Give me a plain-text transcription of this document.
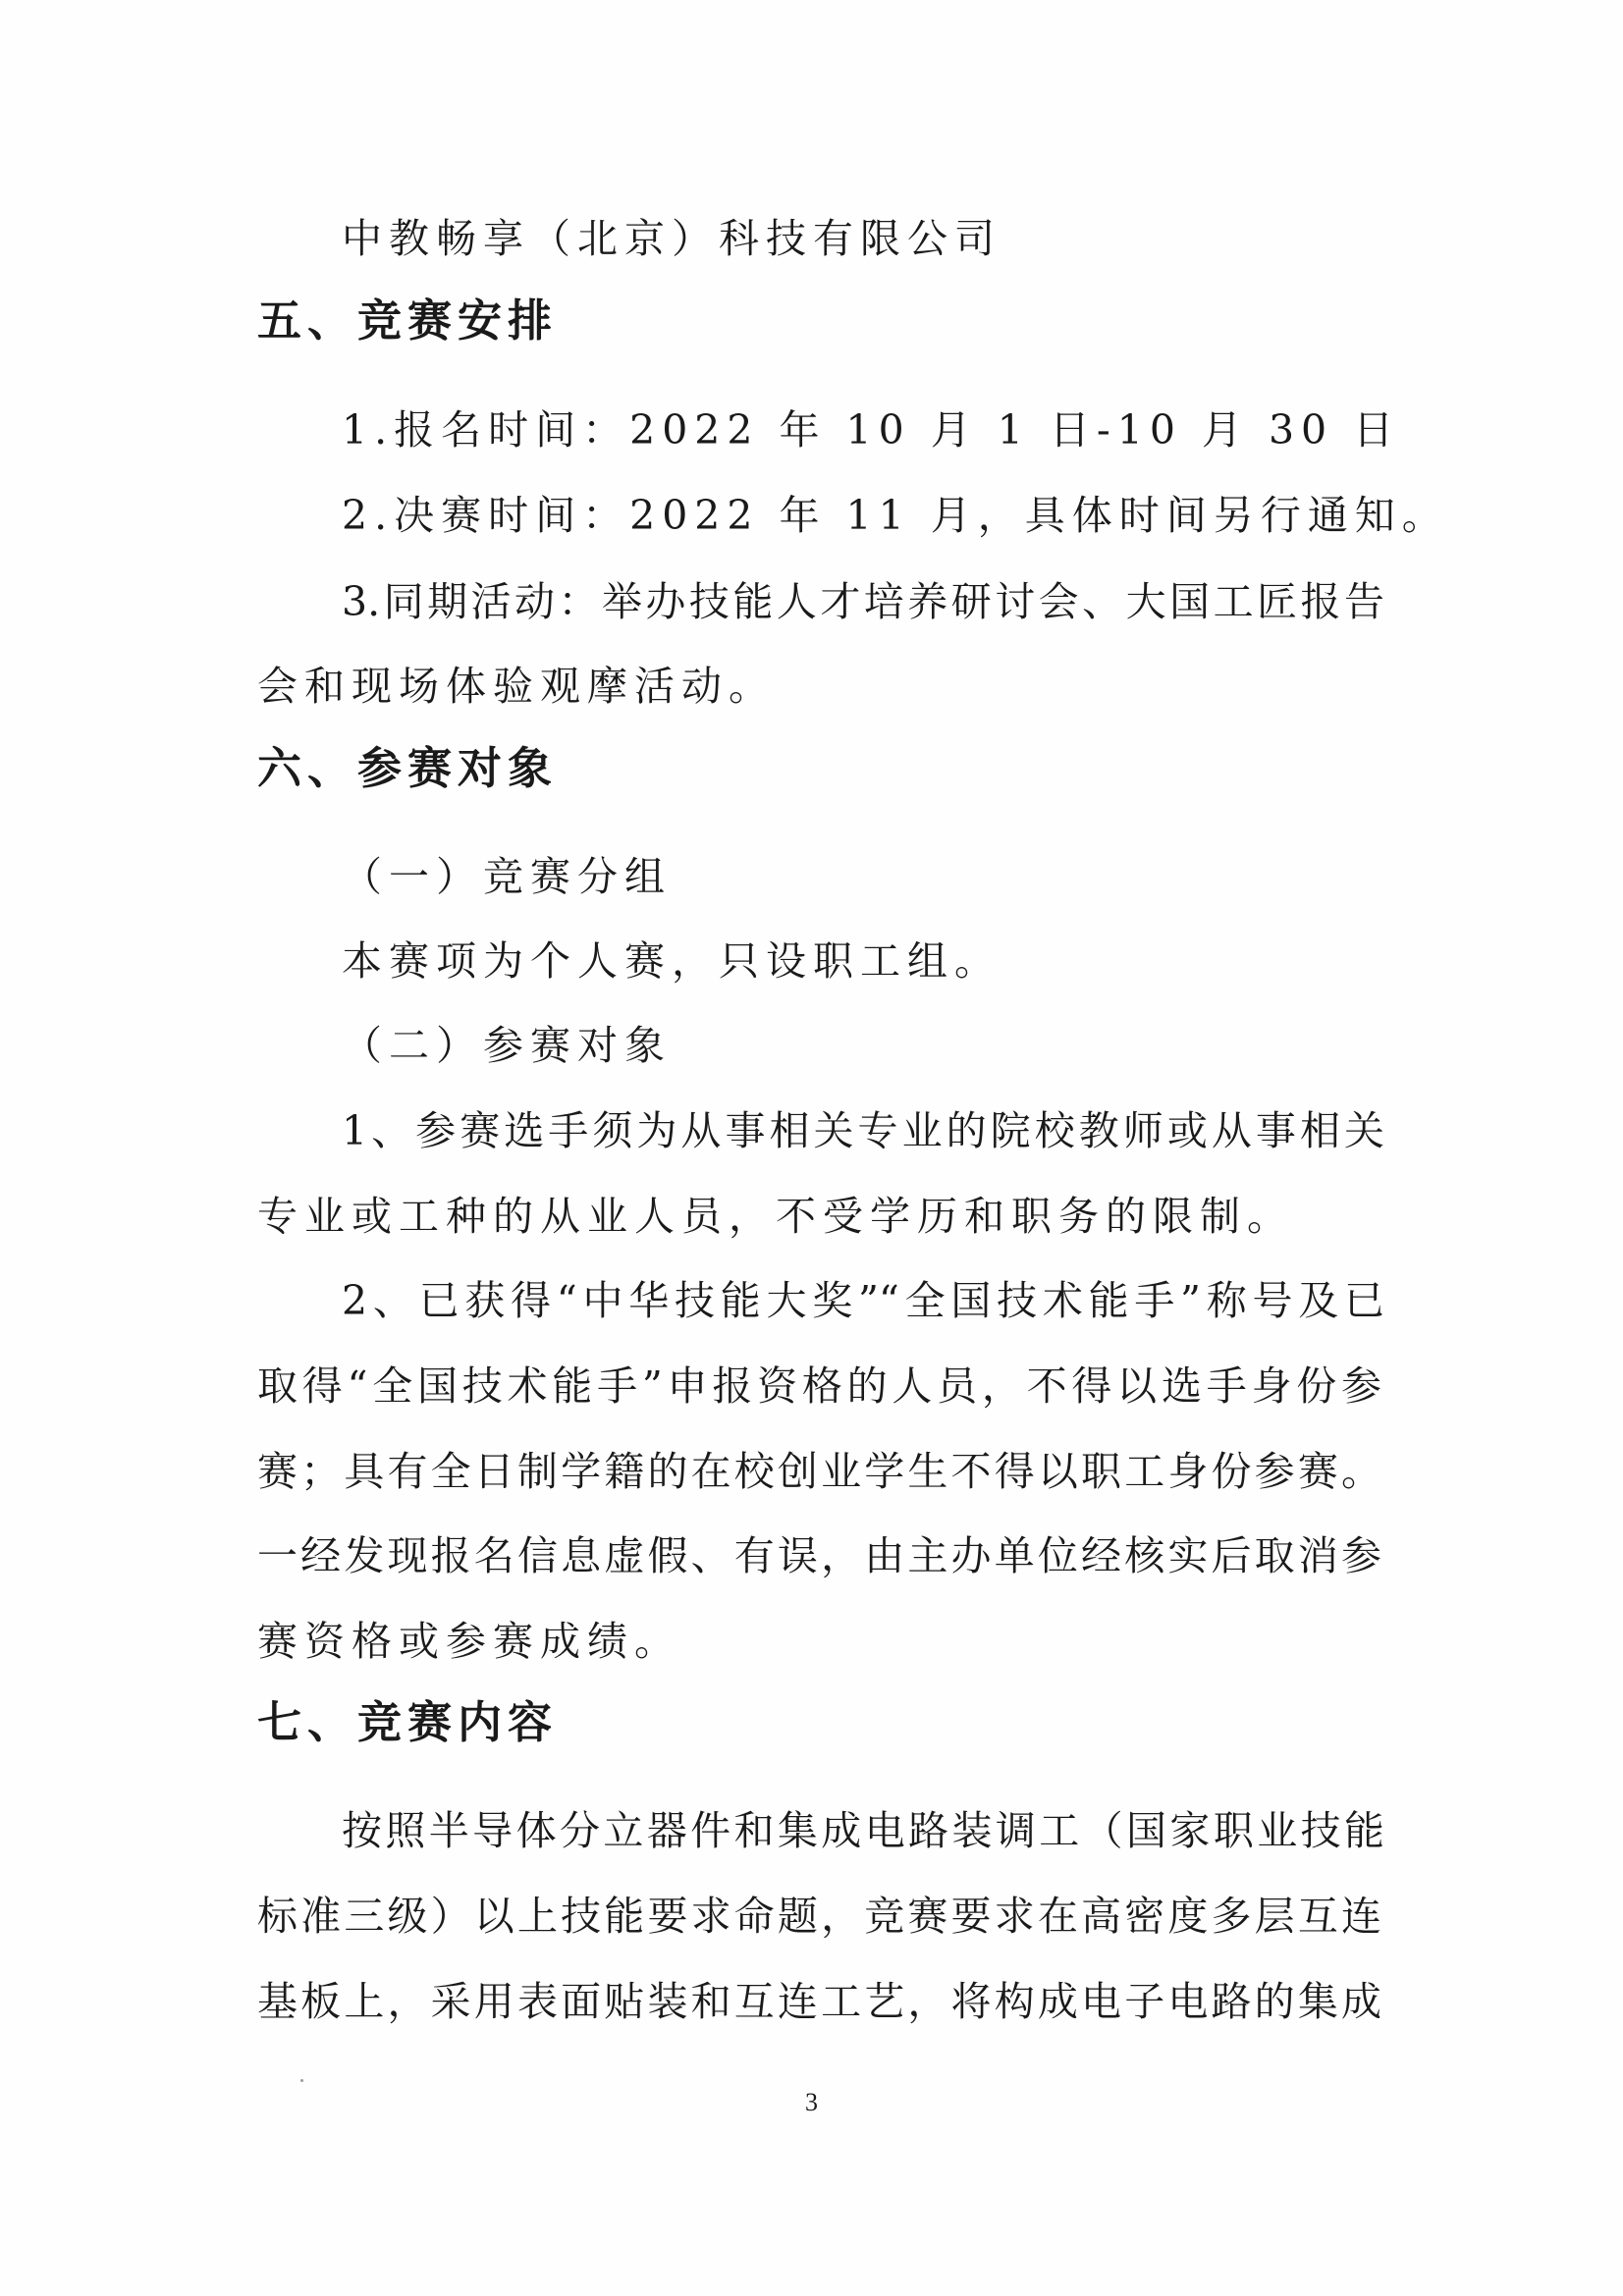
中教畅享（北京）科技有限公司
五、竞赛安排
1.报名时间：2022 年 10 月 1 日-10 月 30 日
2.决赛时间：2022 年 11 月，具体时间另行通知。
3.同期活动：举办技能人才培养研讨会、大国工匠报告
会和现场体验观摩活动。
六、参赛对象
（一）竞赛分组
本赛项为个人赛，只设职工组。
（二）参赛对象
1、参赛选手须为从事相关专业的院校教师或从事相关
专业或工种的从业人员，不受学历和职务的限制。
2、已获得“中华技能大奖”“全国技术能手”称号及已
取得“全国技术能手”申报资格的人员，不得以选手身份参
赛；具有全日制学籍的在校创业学生不得以职工身份参赛。
一经发现报名信息虚假、有误，由主办单位经核实后取消参
赛资格或参赛成绩。
七、竞赛内容
按照半导体分立器件和集成电路装调工（国家职业技能
标准三级）以上技能要求命题，竞赛要求在高密度多层互连
基板上，采用表面贴装和互连工艺，将构成电子电路的集成
3
